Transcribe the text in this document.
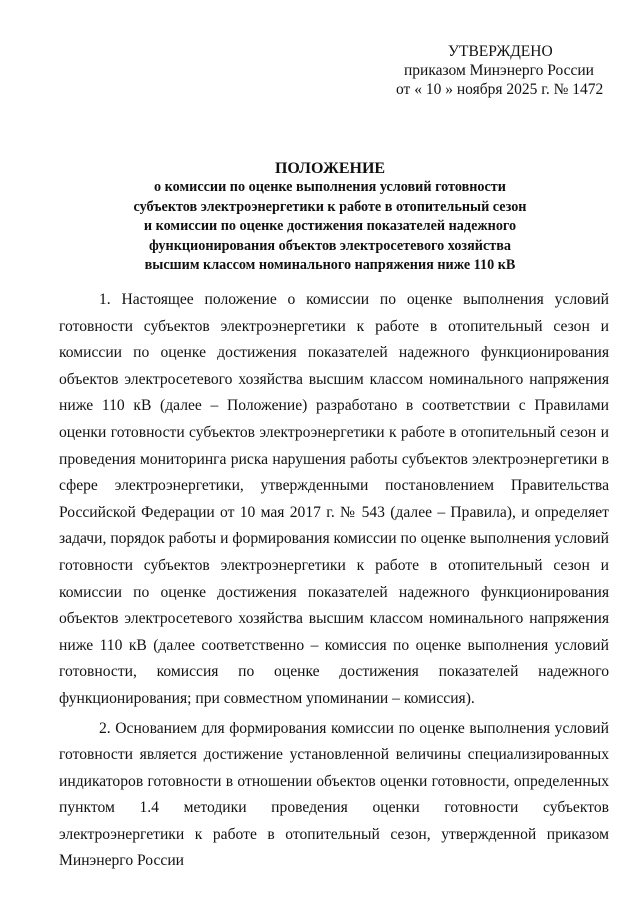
УТВЕРЖДЕНО
приказом Минэнерго России
от « 10 » ноября 2025 г. № 1472
ПОЛОЖЕНИЕ
о комиссии по оценке выполнения условий готовности
субъектов электроэнергетики к работе в отопительный сезон
и комиссии по оценке достижения показателей надежного
функционирования объектов электросетевого хозяйства
высшим классом номинального напряжения ниже 110 кВ

1. Настоящее положение о комиссии по оценке выполнения условий готовности субъектов электроэнергетики к работе в отопительный сезон и комиссии по оценке достижения показателей надежного функционирования объектов электросетевого хозяйства высшим классом номинального напряжения ниже 110 кВ (далее – Положение) разработано в соответствии с Правилами оценки готовности субъектов электроэнергетики к работе в отопительный сезон и проведения мониторинга риска нарушения работы субъектов электроэнергетики в сфере электроэнергетики, утвержденными постановлением Правительства Российской Федерации от 10 мая 2017 г. № 543 (далее – Правила), и определяет задачи, порядок работы и формирования комиссии по оценке выполнения условий готовности субъектов электроэнергетики к работе в отопительный сезон и комиссии по оценке достижения показателей надежного функционирования объектов электросетевого хозяйства высшим классом номинального напряжения ниже 110 кВ (далее соответственно – комиссия по оценке выполнения условий готовности, комиссия по оценке достижения показателей надежного функционирования; при совместном упоминании – комиссия).

2. Основанием для формирования комиссии по оценке выполнения условий готовности является достижение установленной величины специализированных индикаторов готовности в отношении объектов оценки готовности, определенных пунктом 1.4 методики проведения оценки готовности субъектов электроэнергетики к работе в отопительный сезон, утвержденной приказом Минэнерго России
